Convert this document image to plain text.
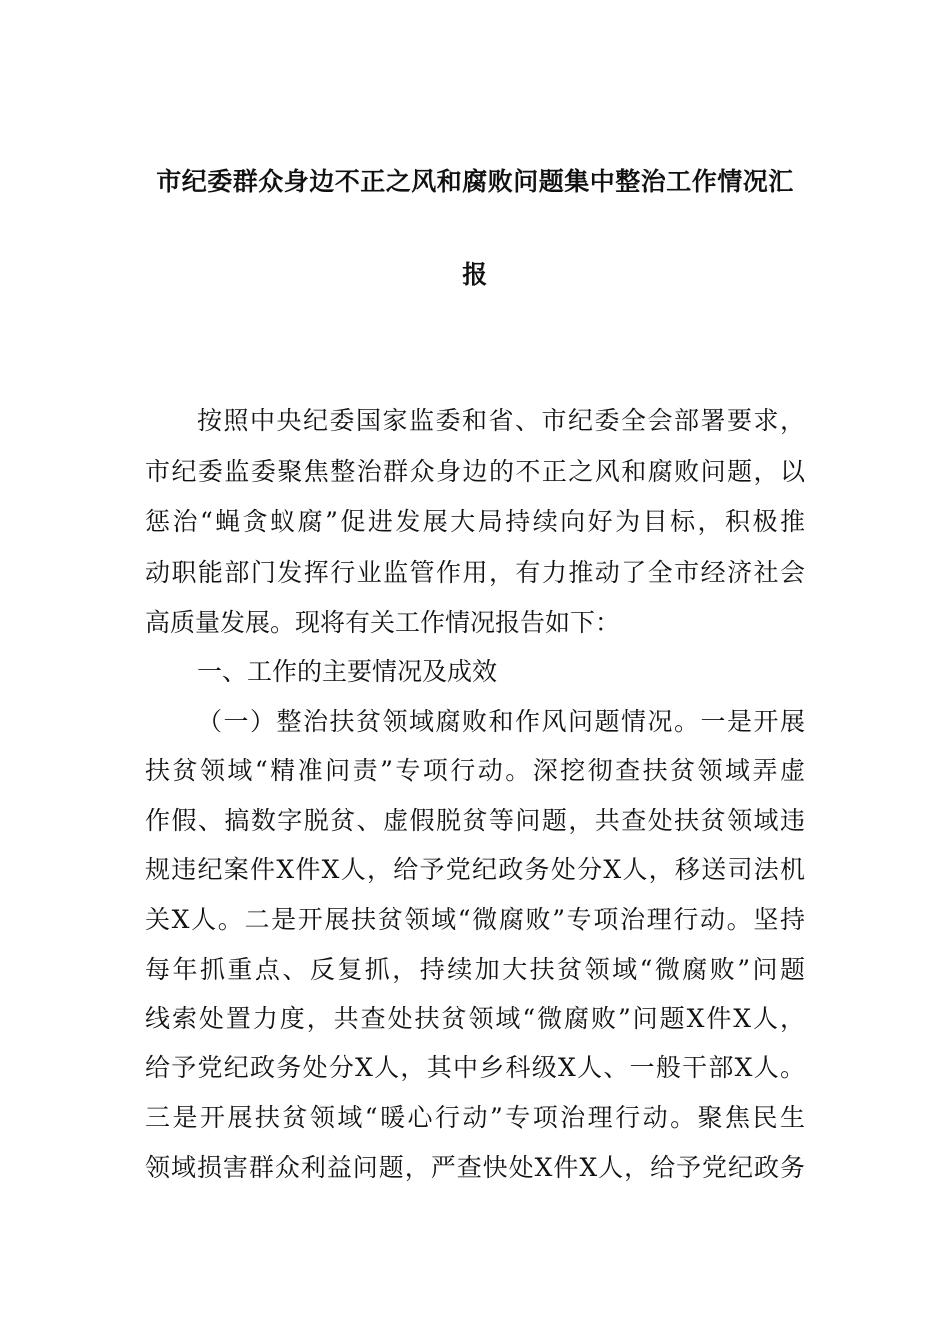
市纪委群众身边不正之风和腐败问题集中整治工作情况汇
报
按照中央纪委国家监委和省、市纪委全会部署要求，
市纪委监委聚焦整治群众身边的不正之风和腐败问题，以
惩治“蝇贪蚁腐”促进发展大局持续向好为目标，积极推
动职能部门发挥行业监管作用，有力推动了全市经济社会
高质量发展。现将有关工作情况报告如下：
一、工作的主要情况及成效
（一）整治扶贫领域腐败和作风问题情况。一是开展
扶贫领域“精准问责”专项行动。深挖彻查扶贫领域弄虚
作假、搞数字脱贫、虚假脱贫等问题，共查处扶贫领域违
规违纪案件X件X人，给予党纪政务处分X人，移送司法机
关X人。二是开展扶贫领域“微腐败”专项治理行动。坚持
每年抓重点、反复抓，持续加大扶贫领域“微腐败”问题
线索处置力度，共查处扶贫领域“微腐败”问题X件X人，
给予党纪政务处分X人，其中乡科级X人、一般干部X人。
三是开展扶贫领域“暖心行动”专项治理行动。聚焦民生
领域损害群众利益问题，严查快处X件X人，给予党纪政务
